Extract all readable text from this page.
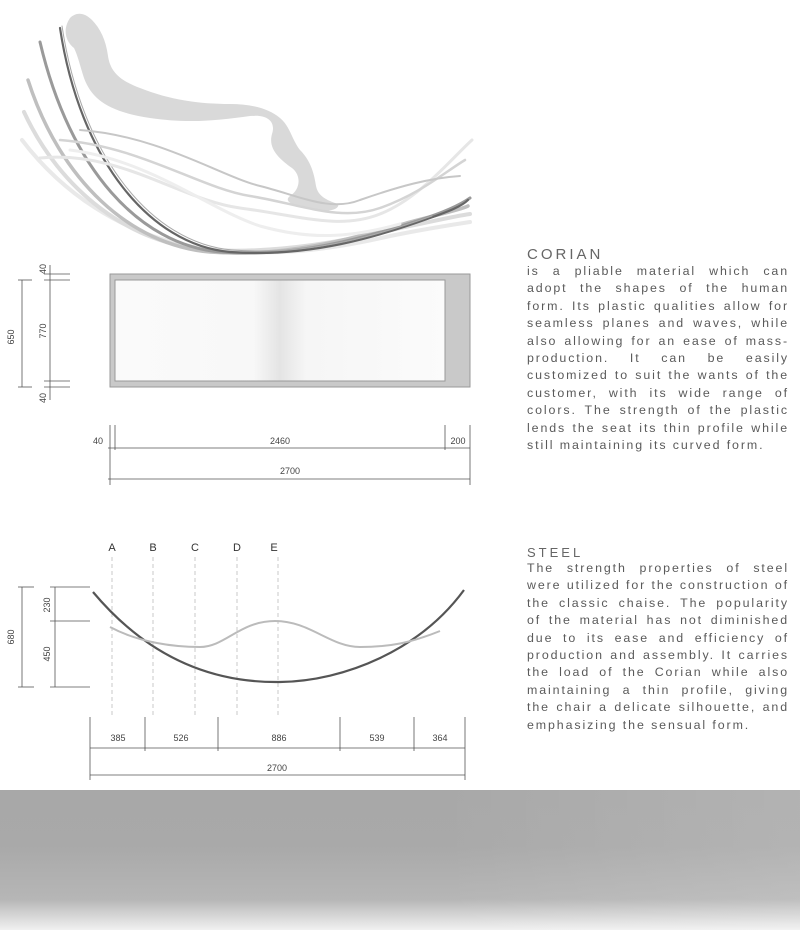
650 770
40
40
40	2460	200
2700
A	B	C	D	E
680
230
450
385	526	886	539	364
2700
CORIAN

is a pliable material which can adopt the shapes of the human form. Its plastic qualities allow for seamless planes and waves, while also allowing for an ease of mass-production. It can be easily customized to suit the wants of the customer, with its wide range of colors. The strength of the plastic lends the seat its thin profile while still maintaining its curved form.

STEEL

The strength properties of steel were utilized for the construction of the classic chaise. The popularity of the material has not diminished due to its ease and efficiency of production and assembly. It carries the load of the Corian while also maintaining a thin profile, giving the chair a delicate silhouette, and emphasizing the sensual form.
